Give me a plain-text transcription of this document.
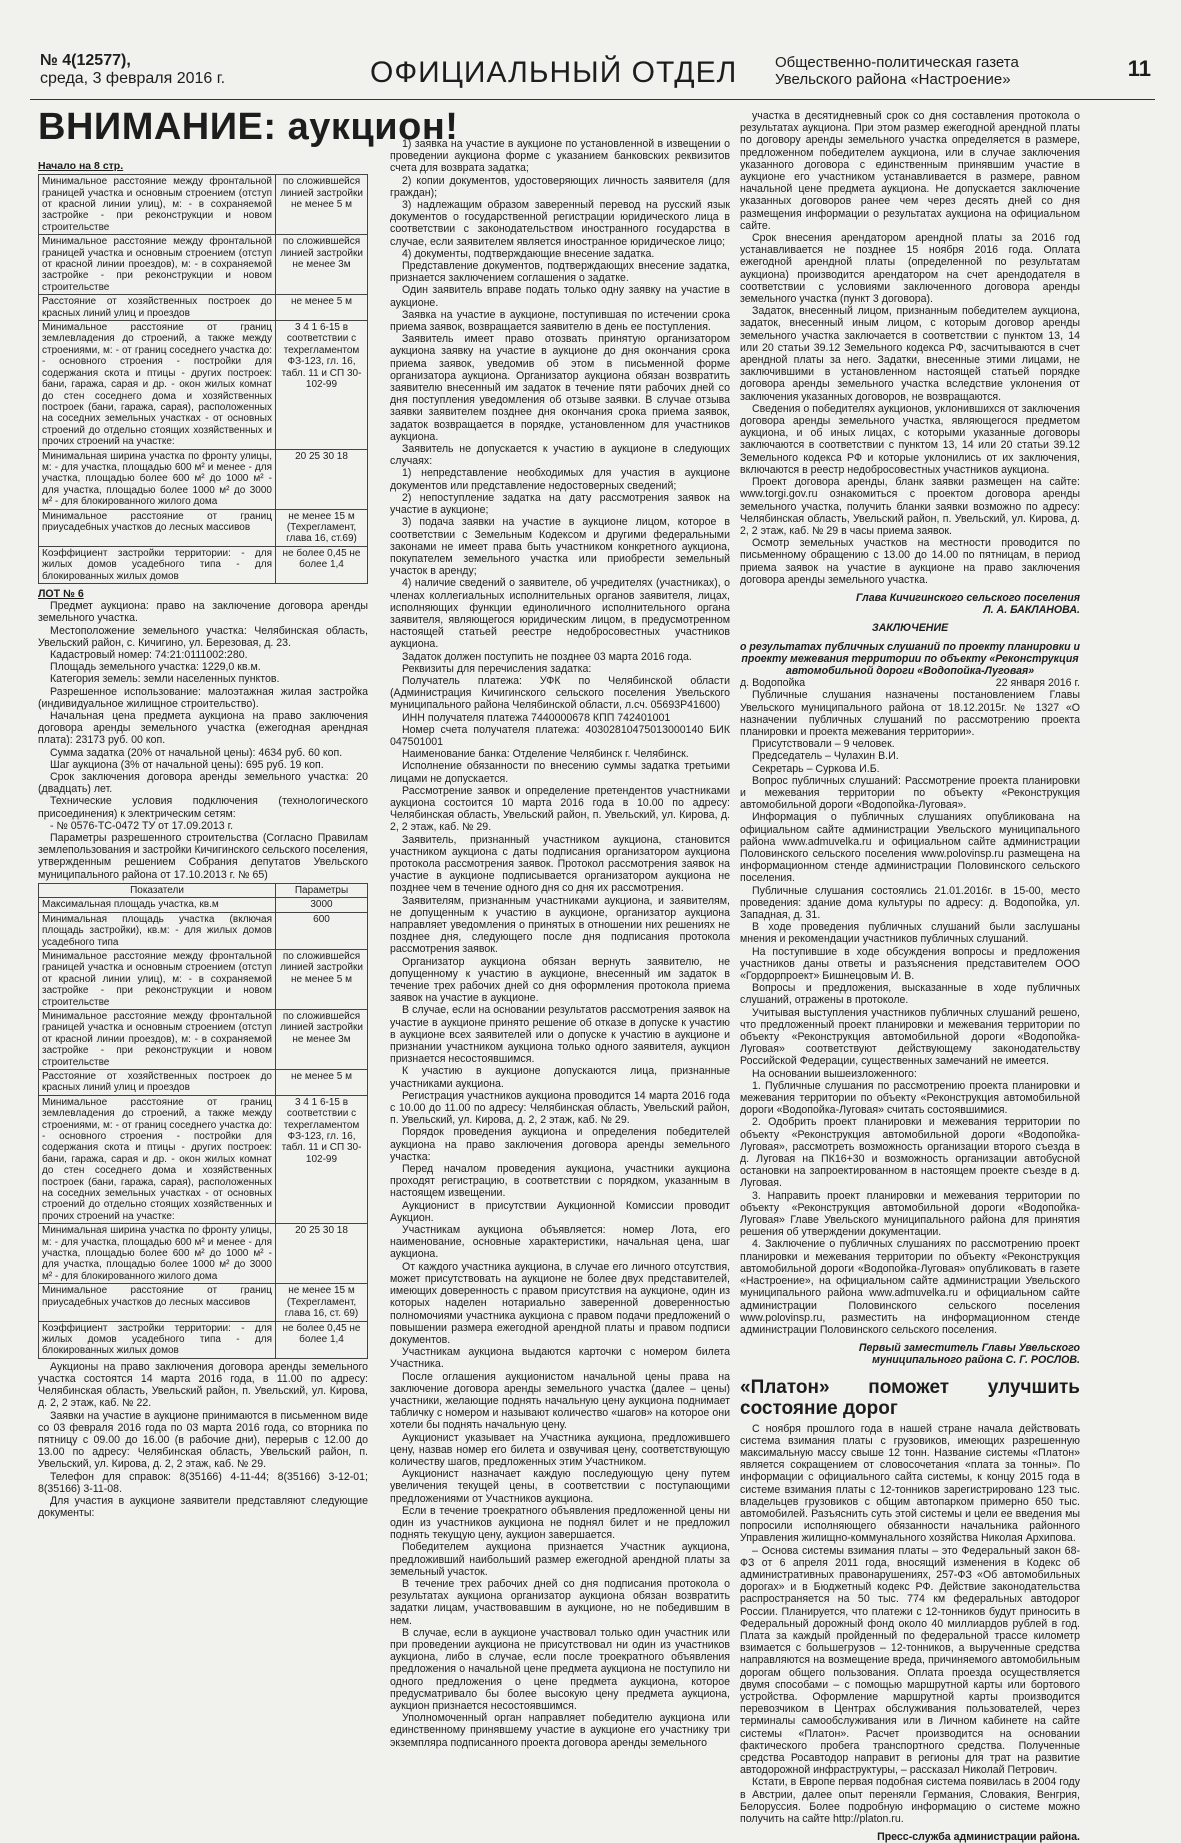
№ 4(12577),
среда, 3 февраля 2016 г.	ОФИЦИАЛЬНЫЙ ОТДЕЛ	Общественно-политическая газета
Увельского района «Настроение»	11
ВНИМАНИЕ: аукцион!
Начало на 8 стр.
Минимальное расстояние между фронтальной границей участка и основным строением (отступ от красной линии улиц), м: - в сохраняемой застройке - при реконструкции и новом строительстве	по сложившейся линией застройки не менее 5 м
Минимальное расстояние между фронтальной границей участка и основным строением (отступ от красной линии проездов), м: - в сохраняемой застройке - при реконструкции и новом строительстве	по сложившейся линией застройки не менее 3м
Расстояние от хозяйственных построек до красных линий улиц и проездов	не менее 5 м
Минимальное расстояние от границ землевладения до строений, а также между строениями, м: - от границ соседнего участка до: - основного строения - постройки для содержания скота и птицы - других построек: бани, гаража, сарая и др. - окон жилых комнат до стен соседнего дома и хозяйственных построек (бани, гаража, сарая), расположенных на соседних земельных участках - от основных строений до отдельно стоящих хозяйственных и прочих строений на участке:	3 4 1 6-15 в соответствии с техрегламентом ФЗ-123, гл. 16, табл. 11 и СП 30-102-99
Минимальная ширина участка по фронту улицы, м: - для участка, площадью 600 м² и менее - для участка, площадью более 600 м² до 1000 м² - для участка, площадью более 1000 м² до 3000 м² - для блокированного жилого дома	20 25 30 18
Минимальное расстояние от границ приусадебных участков до лесных массивов	не менее 15 м (Техрегламент, глава 16, ст.69)
Коэффициент застройки территории: - для жилых домов усадебного типа - для блокированных жилых домов	не более 0,45 не более 1,4
ЛОТ № 6

Предмет аукциона: право на заключение договора аренды земельного участка.

Местоположение земельного участка: Челябинская область, Увельский район, с. Кичигино, ул. Березовая, д. 23.

Кадастровый номер: 74:21:0111002:280.

Площадь земельного участка: 1229,0 кв.м.

Категория земель: земли населенных пунктов.

Разрешенное использование: малоэтажная жилая застройка (индивидуальное жилищное строительство).

Начальная цена предмета аукциона на право заключения договора аренды земельного участка (ежегодная арендная плата): 23173 руб. 00 коп.

Сумма задатка (20% от начальной цены): 4634 руб. 60 коп.

Шаг аукциона (3% от начальной цены): 695 руб. 19 коп.

Срок заключения договора аренды земельного участка: 20 (двадцать) лет.

Технические условия подключения (технологического присоединения) к электрическим сетям:

- № 0576-ТС-0472 ТУ от 17.09.2013 г.

Параметры разрешенного строительства (Согласно Правилам землепользования и застройки Кичигинского сельского поселения, утвержденным решением Собрания депутатов Увельского муниципального района от 17.10.2013 г. № 65)

Показатели	Параметры
Максимальная площадь участка, кв.м	3000
Минимальная площадь участка (включая площадь застройки), кв.м: - для жилых домов усадебного типа	600
Минимальное расстояние между фронтальной границей участка и основным строением (отступ от красной линии улиц), м: - в сохраняемой застройке - при реконструкции и новом строительстве	по сложившейся линией застройки не менее 5 м
Минимальное расстояние между фронтальной границей участка и основным строением (отступ от красной линии проездов), м: - в сохраняемой застройке - при реконструкции и новом строительстве	по сложившейся линией застройки не менее 3м
Расстояние от хозяйственных построек до красных линий улиц и проездов	не менее 5 м
Минимальное расстояние от границ землевладения до строений, а также между строениями, м: - от границ соседнего участка до: - основного строения - постройки для содержания скота и птицы - других построек: бани, гаража, сарая и др. - окон жилых комнат до стен соседнего дома и хозяйственных построек (бани, гаража, сарая), расположенных на соседних земельных участках - от основных строений до отдельно стоящих хозяйственных и прочих строений на участке:	3 4 1 6-15 в соответствии с техрегламентом ФЗ-123, гл. 16, табл. 11 и СП 30-102-99
Минимальная ширина участка по фронту улицы, м: - для участка, площадью 600 м² и менее - для участка, площадью более 600 м² до 1000 м² - для участка, площадью более 1000 м² до 3000 м² - для блокированного жилого дома	20 25 30 18
Минимальное расстояние от границ приусадебных участков до лесных массивов	не менее 15 м (Техрегламент, глава 16, ст. 69)
Коэффициент застройки территории: - для жилых домов усадебного типа - для блокированных жилых домов	не более 0,45 не более 1,4

Аукционы на право заключения договора аренды земельного участка состоятся 14 марта 2016 года, в 11.00 по адресу: Челябинская область, Увельский район, п. Увельский, ул. Кирова, д. 2, 2 этаж, каб. № 22.

Заявки на участие в аукционе принимаются в письменном виде со 03 февраля 2016 года по 03 марта 2016 года, со вторника по пятницу с 09.00 до 16.00 (в рабочие дни), перерыв с 12.00 до 13.00 по адресу: Челябинская область, Увельский район, п. Увельский, ул. Кирова, д. 2, 2 этаж, каб. № 29.

Телефон для справок: 8(35166) 4-11-44; 8(35166) 3-12-01; 8(35166) 3-11-08.

Для участия в аукционе заявители представляют следующие документы:

1) заявка на участие в аукционе по установленной в извещении о проведении аукциона форме с указанием банковских реквизитов счета для возврата задатка;

2) копии документов, удостоверяющих личность заявителя (для граждан);

3) надлежащим образом заверенный перевод на русский язык документов о государственной регистрации юридического лица в соответствии с законодательством иностранного государства в случае, если заявителем является иностранное юридическое лицо;

4) документы, подтверждающие внесение задатка.

Представление документов, подтверждающих внесение задатка, признается заключением соглашения о задатке.

Один заявитель вправе подать только одну заявку на участие в аукционе.

Заявка на участие в аукционе, поступившая по истечении срока приема заявок, возвращается заявителю в день ее поступления.

Заявитель имеет право отозвать принятую организатором аукциона заявку на участие в аукционе до дня окончания срока приема заявок, уведомив об этом в письменной форме организатора аукциона. Организатор аукциона обязан возвратить заявителю внесенный им задаток в течение пяти рабочих дней со дня поступления уведомления об отзыве заявки. В случае отзыва заявки заявителем позднее дня окончания срока приема заявок, задаток возвращается в порядке, установленном для участников аукциона.

Заявитель не допускается к участию в аукционе в следующих случаях:

1) непредставление необходимых для участия в аукционе документов или представление недостоверных сведений;

2) непоступление задатка на дату рассмотрения заявок на участие в аукционе;

3) подача заявки на участие в аукционе лицом, которое в соответствии с Земельным Кодексом и другими федеральными законами не имеет права быть участником конкретного аукциона, покупателем земельного участка или приобрести земельный участок в аренду;

4) наличие сведений о заявителе, об учредителях (участниках), о членах коллегиальных исполнительных органов заявителя, лицах, исполняющих функции единоличного исполнительного органа заявителя, являющегося юридическим лицом, в предусмотренном настоящей статьей реестре недобросовестных участников аукциона.

Задаток должен поступить не позднее 03 марта 2016 года.

Реквизиты для перечисления задатка:

Получатель платежа: УФК по Челябинской области (Администрация Кичигинского сельского поселения Увельского муниципального района Челябинской области, л.сч. 05693P41600)

ИНН получателя платежа 7440000678 КПП 742401001

Номер счета получателя платежа: 40302810475013000140 БИК 047501001

Наименование банка: Отделение Челябинск г. Челябинск.

Исполнение обязанности по внесению суммы задатка третьими лицами не допускается.

Рассмотрение заявок и определение претендентов участниками аукциона состоится 10 марта 2016 года в 10.00 по адресу: Челябинская область, Увельский район, п. Увельский, ул. Кирова, д. 2, 2 этаж, каб. № 29.

Заявитель, признанный участником аукциона, становится участником аукциона с даты подписания организатором аукциона протокола рассмотрения заявок. Протокол рассмотрения заявок на участие в аукционе подписывается организатором аукциона не позднее чем в течение одного дня со дня их рассмотрения.

Заявителям, признанным участниками аукциона, и заявителям, не допущенным к участию в аукционе, организатор аукциона направляет уведомления о принятых в отношении них решениях не позднее дня, следующего после дня подписания протокола рассмотрения заявок.

Организатор аукциона обязан вернуть заявителю, не допущенному к участию в аукционе, внесенный им задаток в течение трех рабочих дней со дня оформления протокола приема заявок на участие в аукционе.

В случае, если на основании результатов рассмотрения заявок на участие в аукционе принято решение об отказе в допуске к участию в аукционе всех заявителей или о допуске к участию в аукционе и признании участником аукциона только одного заявителя, аукцион признается несостоявшимся.

К участию в аукционе допускаются лица, признанные участниками аукциона.

Регистрация участников аукциона проводится 14 марта 2016 года с 10.00 до 11.00 по адресу: Челябинская область, Увельский район, п. Увельский, ул. Кирова, д. 2, 2 этаж, каб. № 29.

Порядок проведения аукциона и определения победителей аукциона на право заключения договора аренды земельного участка:

Перед началом проведения аукциона, участники аукциона проходят регистрацию, в соответствии с порядком, указанным в настоящем извещении.

Аукционист в присутствии Аукционной Комиссии проводит Аукцион.

Участникам аукциона объявляется: номер Лота, его наименование, основные характеристики, начальная цена, шаг аукциона.

От каждого участника аукциона, в случае его личного отсутствия, может присутствовать на аукционе не более двух представителей, имеющих доверенность с правом присутствия на аукционе, один из которых наделен нотариально заверенной доверенностью полномочиями участника аукциона с правом подачи предложений о повышении размера ежегодной арендной платы и правом подписи документов.

Участникам аукциона выдаются карточки с номером билета Участника.

После оглашения аукционистом начальной цены права на заключение договора аренды земельного участка (далее – цены) участники, желающие поднять начальную цену аукциона поднимает табличку с номером и называют количество «шагов» на которое они хотели бы поднять начальную цену.

Аукционист указывает на Участника аукциона, предложившего цену, назвав номер его билета и озвучивая цену, соответствующую количеству шагов, предложенных этим Участником.

Аукционист назначает каждую последующую цену путем увеличения текущей цены, в соответствии с поступающими предложениями от Участников аукциона.

Если в течение троекратного объявления предложенной цены ни один из участников аукциона не поднял билет и не предложил поднять текущую цену, аукцион завершается.

Победителем аукциона признается Участник аукциона, предложивший наибольший размер ежегодной арендной платы за земельный участок.

В течение трех рабочих дней со дня подписания протокола о результатах аукциона организатор аукциона обязан возвратить задатки лицам, участвовавшим в аукционе, но не победившим в нем.

В случае, если в аукционе участвовал только один участник или при проведении аукциона не присутствовал ни один из участников аукциона, либо в случае, если после троекратного объявления предложения о начальной цене предмета аукциона не поступило ни одного предложения о цене предмета аукциона, которое предусматривало бы более высокую цену предмета аукциона, аукцион признается несостоявшимся.

Уполномоченный орган направляет победителю аукциона или единственному принявшему участие в аукционе его участнику три экземпляра подписанного проекта договора аренды земельного

участка в десятидневный срок со дня составления протокола о результатах аукциона. При этом размер ежегодной арендной платы по договору аренды земельного участка определяется в размере, предложенном победителем аукциона, или в случае заключения указанного договора с единственным принявшим участие в аукционе его участником устанавливается в размере, равном начальной цене предмета аукциона. Не допускается заключение указанных договоров ранее чем через десять дней со дня размещения информации о результатах аукциона на официальном сайте.

Срок внесения арендатором арендной платы за 2016 год устанавливается не позднее 15 ноября 2016 года. Оплата ежегодной арендной платы (определенной по результатам аукциона) производится арендатором на счет арендодателя в соответствии с условиями заключенного договора аренды земельного участка (пункт 3 договора).

Задаток, внесенный лицом, признанным победителем аукциона, задаток, внесенный иным лицом, с которым договор аренды земельного участка заключается в соответствии с пунктом 13, 14 или 20 статьи 39.12 Земельного кодекса РФ, засчитываются в счет арендной платы за него. Задатки, внесенные этими лицами, не заключившими в установленном настоящей статьей порядке договора аренды земельного участка вследствие уклонения от заключения указанных договоров, не возвращаются.

Сведения о победителях аукционов, уклонившихся от заключения договора аренды земельного участка, являющегося предметом аукциона, и об иных лицах, с которыми указанные договоры заключаются в соответствии с пунктом 13, 14 или 20 статьи 39.12 Земельного кодекса РФ и которые уклонились от их заключения, включаются в реестр недобросовестных участников аукциона.

Проект договора аренды, бланк заявки размещен на сайте: www.torgi.gov.ru ознакомиться с проектом договора аренды земельного участка, получить бланки заявки возможно по адресу: Челябинская область, Увельский район, п. Увельский, ул. Кирова, д. 2, 2 этаж, каб. № 29 в часы приема заявок.

Осмотр земельных участков на местности проводится по письменному обращению с 13.00 до 14.00 по пятницам, в период приема заявок на участие в аукционе на право заключения договора аренды земельного участка.

Глава Кичигинского сельского поселения
Л. А. БАКЛАНОВА.
ЗАКЛЮЧЕНИЕ
о результатах публичных слушаний по проекту планировки и проекту межевания территории по объекту «Реконструкция автомобильной дороги «Водопойка-Луговая»
д. Водопойка	22 января 2016 г.

Публичные слушания назначены постановлением Главы Увельского муниципального района от 18.12.2015г. № 1327 «О назначении публичных слушаний по рассмотрению проекта планировки и проекта межевания территории».

Присутствовали – 9 человек.

Председатель – Чулахин В.И.

Секретарь – Суркова И.Б.

Вопрос публичных слушаний: Рассмотрение проекта планировки и межевания территории по объекту «Реконструкция автомобильной дороги «Водопойка-Луговая».

Информация о публичных слушаниях опубликована на официальном сайте администрации Увельского муниципального района www.admuvelka.ru и официальном сайте администрации Половинского сельского поселения www.polovinsp.ru размещена на информационном стенде администрации Половинского сельского поселения.

Публичные слушания состоялись 21.01.2016г. в 15-00, место проведения: здание дома культуры по адресу: д. Водопойка, ул. Западная, д. 31.

В ходе проведения публичных слушаний были заслушаны мнения и рекомендации участников публичных слушаний.

На поступившие в ходе обсуждения вопросы и предложения участников даны ответы и разъяснения представителем ООО «Гордорпроект» Бишнецовым И. В.

Вопросы и предложения, высказанные в ходе публичных слушаний, отражены в протоколе.

Учитывая выступления участников публичных слушаний решено, что предложенный проект планировки и межевания территории по объекту «Реконструкция автомобильной дороги «Водопойка-Луговая» соответствуют действующему законодательству Российской Федерации, существенных замечаний не имеется.

На основании вышеизложенного:

1. Публичные слушания по рассмотрению проекта планировки и межевания территории по объекту «Реконструкция автомобильной дороги «Водопойка-Луговая» считать состоявшимися.

2. Одобрить проект планировки и межевания территории по объекту «Реконструкция автомобильной дороги «Водопойка-Луговая», рассмотреть возможность организации второго съезда в д. Луговая на ПК16+30 и возможность организации автобусной остановки на запроектированном в настоящем проекте съезде в д. Луговая.

3. Направить проект планировки и межевания территории по объекту «Реконструкция автомобильной дороги «Водопойка-Луговая» Главе Увельского муниципального района для принятия решения об утверждении документации.

4. Заключение о публичных слушаниях по рассмотрению проект планировки и межевания территории по объекту «Реконструкция автомобильной дороги «Водопойка-Луговая» опубликовать в газете «Настроение», на официальном сайте администрации Увельского муниципального района www.admuvelka.ru и официальном сайте администрации Половинского сельского поселения www.polovinsp.ru, разместить на информационном стенде администрации Половинского сельского поселения.

Первый заместитель Главы Увельского
муниципального района С. Г. РОСЛОВ.
«Платон» поможет улучшить состояние дорог

С ноября прошлого года в нашей стране начала действовать система взимания платы с грузовиков, имеющих разрешенную максимальную массу свыше 12 тонн. Название системы «Платон» является сокращением от словосочетания «плата за тонны». По информации с официального сайта системы, к концу 2015 года в системе взимания платы с 12-тонников зарегистрировано 123 тыс. владельцев грузовиков с общим автопарком примерно 650 тыс. автомобилей. Разъяснить суть этой системы и цели ее введения мы попросили исполняющего обязанности начальника районного Управления жилищно-коммунального хозяйства Николая Архипова.

– Основа системы взимания платы – это Федеральный закон 68-ФЗ от 6 апреля 2011 года, вносящий изменения в Кодекс об административных правонарушениях, 257-ФЗ «Об автомобильных дорогах» и в Бюджетный кодекс РФ. Действие законодательства распространяется на 50 тыс. 774 км федеральных автодорог России. Планируется, что платежи с 12-тонников будут приносить в Федеральный дорожный фонд около 40 миллиардов рублей в год. Плата за каждый пройденный по федеральной трассе километр взимается с большегрузов – 12-тонников, а вырученные средства направляются на возмещение вреда, причиняемого автомобильным дорогам общего пользования. Оплата проезда осуществляется двумя способами – с помощью маршрутной карты или бортового устройства. Оформление маршрутной карты производится перевозчиком в Центрах обслуживания пользователей, через терминалы самообслуживания или в Личном кабинете на сайте системы «Платон». Расчет производится на основании фактического пробега транспортного средства. Полученные средства Росавтодор направит в регионы для трат на развитие автодорожной инфраструктуры, – рассказал Николай Петрович.

Кстати, в Европе первая подобная система появилась в 2004 году в Австрии, далее опыт переняли Германия, Словакия, Венгрия, Белоруссия. Более подробную информацию о системе можно получить на сайте http://platon.ru.

Пресс-служба администрации района.
